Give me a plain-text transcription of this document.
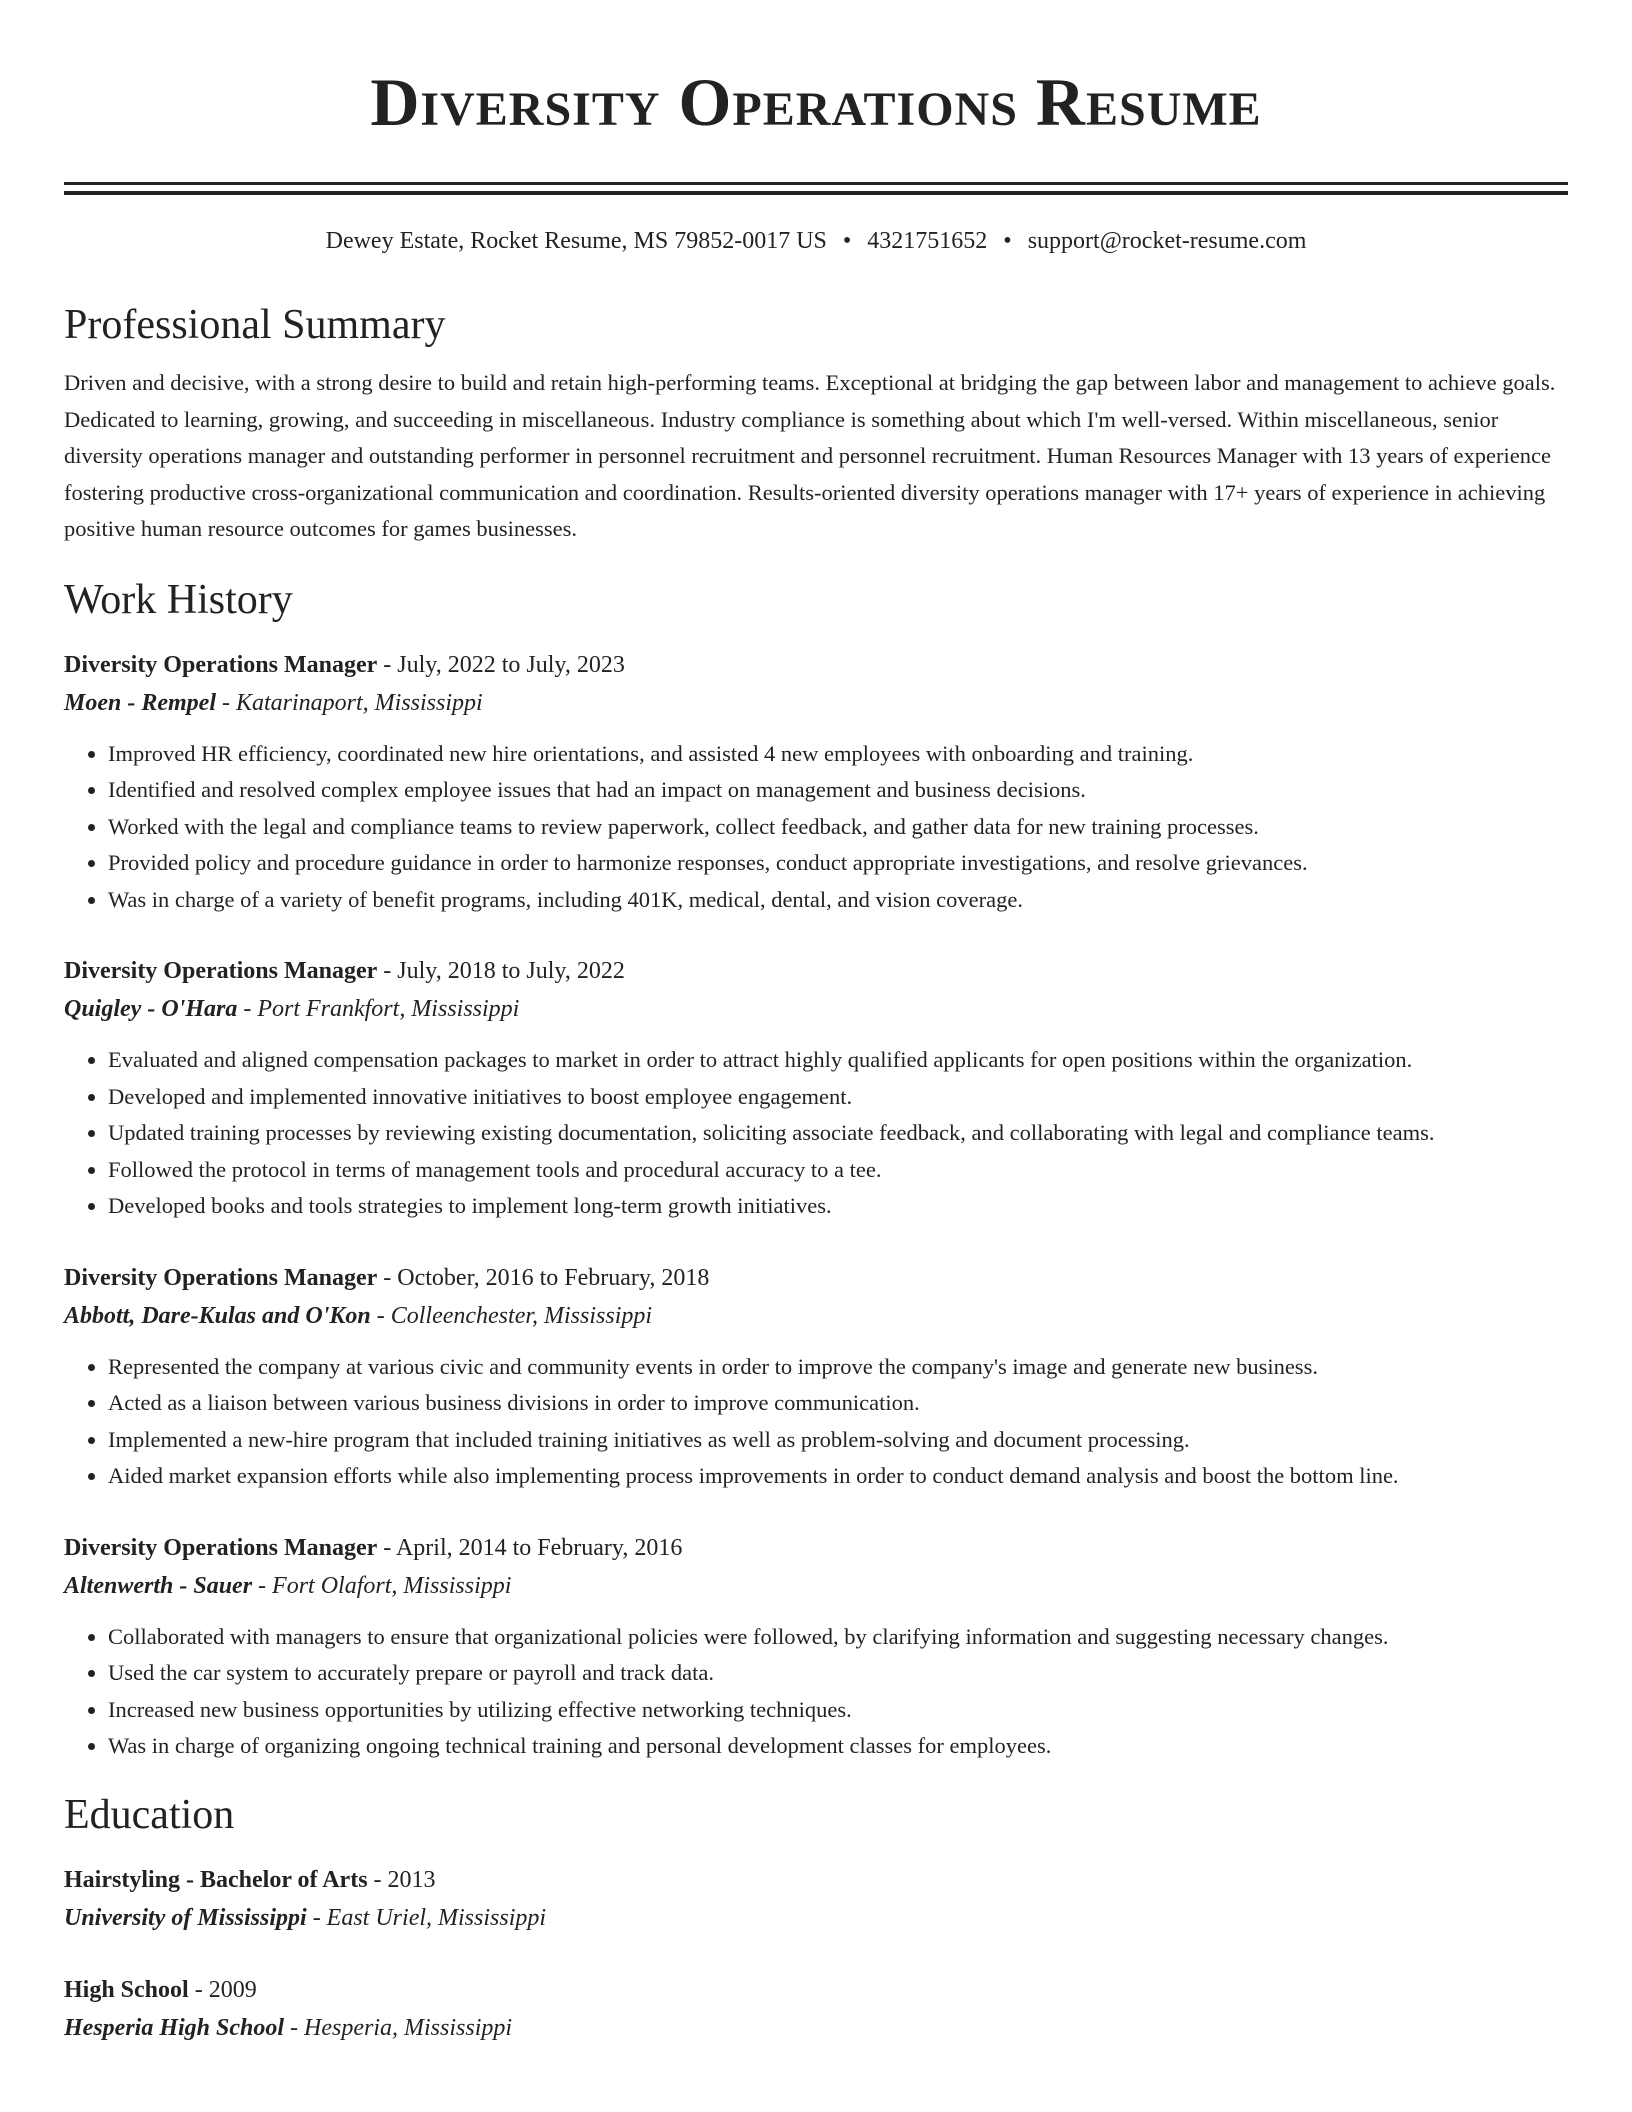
Diversity Operations Resume
Dewey Estate, Rocket Resume, MS 79852-0017 US • 4321751652 • support@rocket-resume.com
Professional Summary
Driven and decisive, with a strong desire to build and retain high-performing teams. Exceptional at bridging the gap between labor and management to achieve goals. Dedicated to learning, growing, and succeeding in miscellaneous. Industry compliance is something about which I'm well-versed. Within miscellaneous, senior diversity operations manager and outstanding performer in personnel recruitment and personnel recruitment. Human Resources Manager with 13 years of experience fostering productive cross-organizational communication and coordination. Results-oriented diversity operations manager with 17+ years of experience in achieving positive human resource outcomes for games businesses.
Work History
Diversity Operations Manager - July, 2022 to July, 2023
Moen - Rempel - Katarinaport, Mississippi
• Improved HR efficiency, coordinated new hire orientations, and assisted 4 new employees with onboarding and training.
• Identified and resolved complex employee issues that had an impact on management and business decisions.
• Worked with the legal and compliance teams to review paperwork, collect feedback, and gather data for new training processes.
• Provided policy and procedure guidance in order to harmonize responses, conduct appropriate investigations, and resolve grievances.
• Was in charge of a variety of benefit programs, including 401K, medical, dental, and vision coverage.
Diversity Operations Manager - July, 2018 to July, 2022
Quigley - O'Hara - Port Frankfort, Mississippi
• Evaluated and aligned compensation packages to market in order to attract highly qualified applicants for open positions within the organization.
• Developed and implemented innovative initiatives to boost employee engagement.
• Updated training processes by reviewing existing documentation, soliciting associate feedback, and collaborating with legal and compliance teams.
• Followed the protocol in terms of management tools and procedural accuracy to a tee.
• Developed books and tools strategies to implement long-term growth initiatives.
Diversity Operations Manager - October, 2016 to February, 2018
Abbott, Dare-Kulas and O'Kon - Colleenchester, Mississippi
• Represented the company at various civic and community events in order to improve the company's image and generate new business.
• Acted as a liaison between various business divisions in order to improve communication.
• Implemented a new-hire program that included training initiatives as well as problem-solving and document processing.
• Aided market expansion efforts while also implementing process improvements in order to conduct demand analysis and boost the bottom line.
Diversity Operations Manager - April, 2014 to February, 2016
Altenwerth - Sauer - Fort Olafort, Mississippi
• Collaborated with managers to ensure that organizational policies were followed, by clarifying information and suggesting necessary changes.
• Used the car system to accurately prepare or payroll and track data.
• Increased new business opportunities by utilizing effective networking techniques.
• Was in charge of organizing ongoing technical training and personal development classes for employees.
Education
Hairstyling - Bachelor of Arts - 2013
University of Mississippi - East Uriel, Mississippi
High School - 2009
Hesperia High School - Hesperia, Mississippi
